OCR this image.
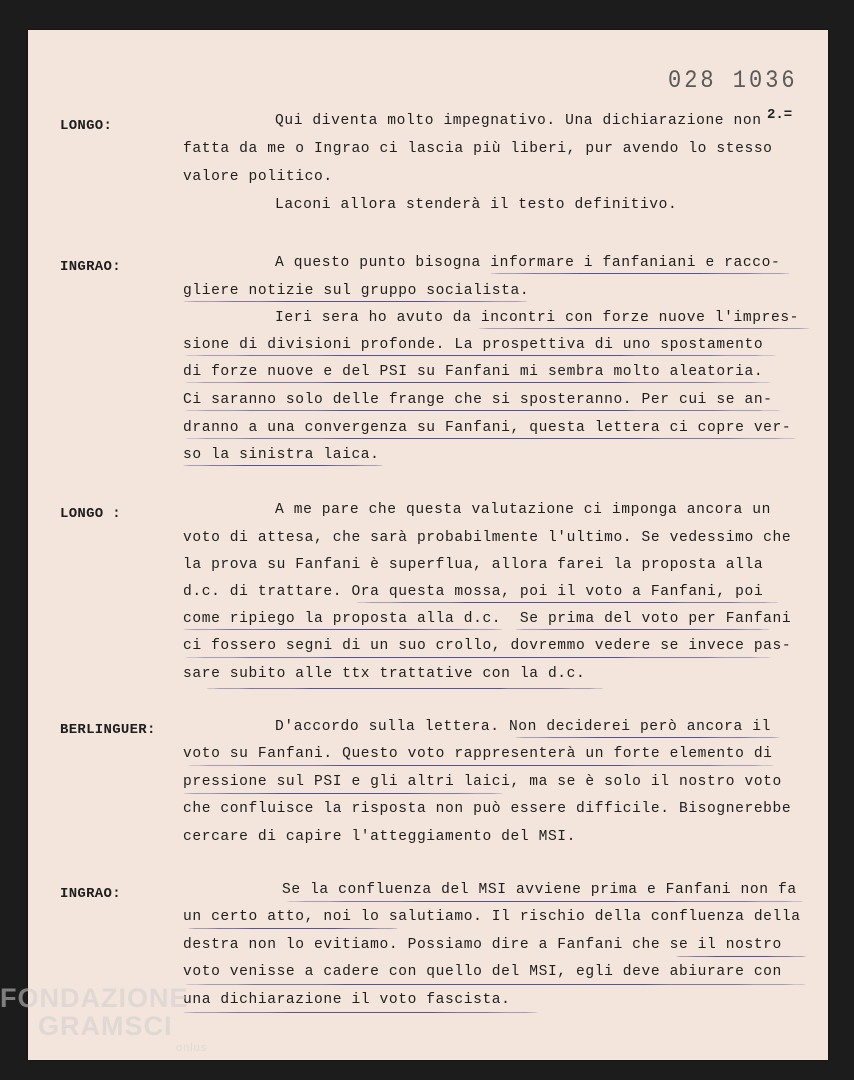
028 1036
2.=
LONGO:
INGRAO:
LONGO :
BERLINGUER:
INGRAO:
Qui diventa molto impegnativo. Una dichiarazione non
fatta da me o Ingrao ci lascia più liberi, pur avendo lo stesso
valore politico.
Laconi allora stenderà il testo definitivo.
A questo punto bisogna informare i fanfaniani e racco-
gliere notizie sul gruppo socialista.
Ieri sera ho avuto da incontri con forze nuove l'impres-
sione di divisioni profonde. La prospettiva di uno spostamento
di forze nuove e del PSI su Fanfani mi sembra molto aleatoria.
Ci saranno solo delle frange che si sposteranno. Per cui se an-
dranno a una convergenza su Fanfani, questa lettera ci copre ver-
so la sinistra laica.
A me pare che questa valutazione ci imponga ancora un
voto di attesa, che sarà probabilmente l'ultimo. Se vedessimo che
la prova su Fanfani è superflua, allora farei la proposta alla
d.c. di trattare. Ora questa mossa, poi il voto a Fanfani, poi
come ripiego la proposta alla d.c.  Se prima del voto per Fanfani
ci fossero segni di un suo crollo, dovremmo vedere se invece pas-
sare subito alle ttx trattative con la d.c.
D'accordo sulla lettera. Non deciderei però ancora il
voto su Fanfani. Questo voto rappresenterà un forte elemento di
pressione sul PSI e gli altri laici, ma se è solo il nostro voto
che confluisce la risposta non può essere difficile. Bisognerebbe
cercare di capire l'atteggiamento del MSI.
Se la confluenza del MSI avviene prima e Fanfani non fa
un certo atto, noi lo salutiamo. Il rischio della confluenza della
destra non lo evitiamo. Possiamo dire a Fanfani che se il nostro
voto venisse a cadere con quello del MSI, egli deve abiurare con
una dichiarazione il voto fascista.
FONDAZIONE
GRAMSCI
onlus
